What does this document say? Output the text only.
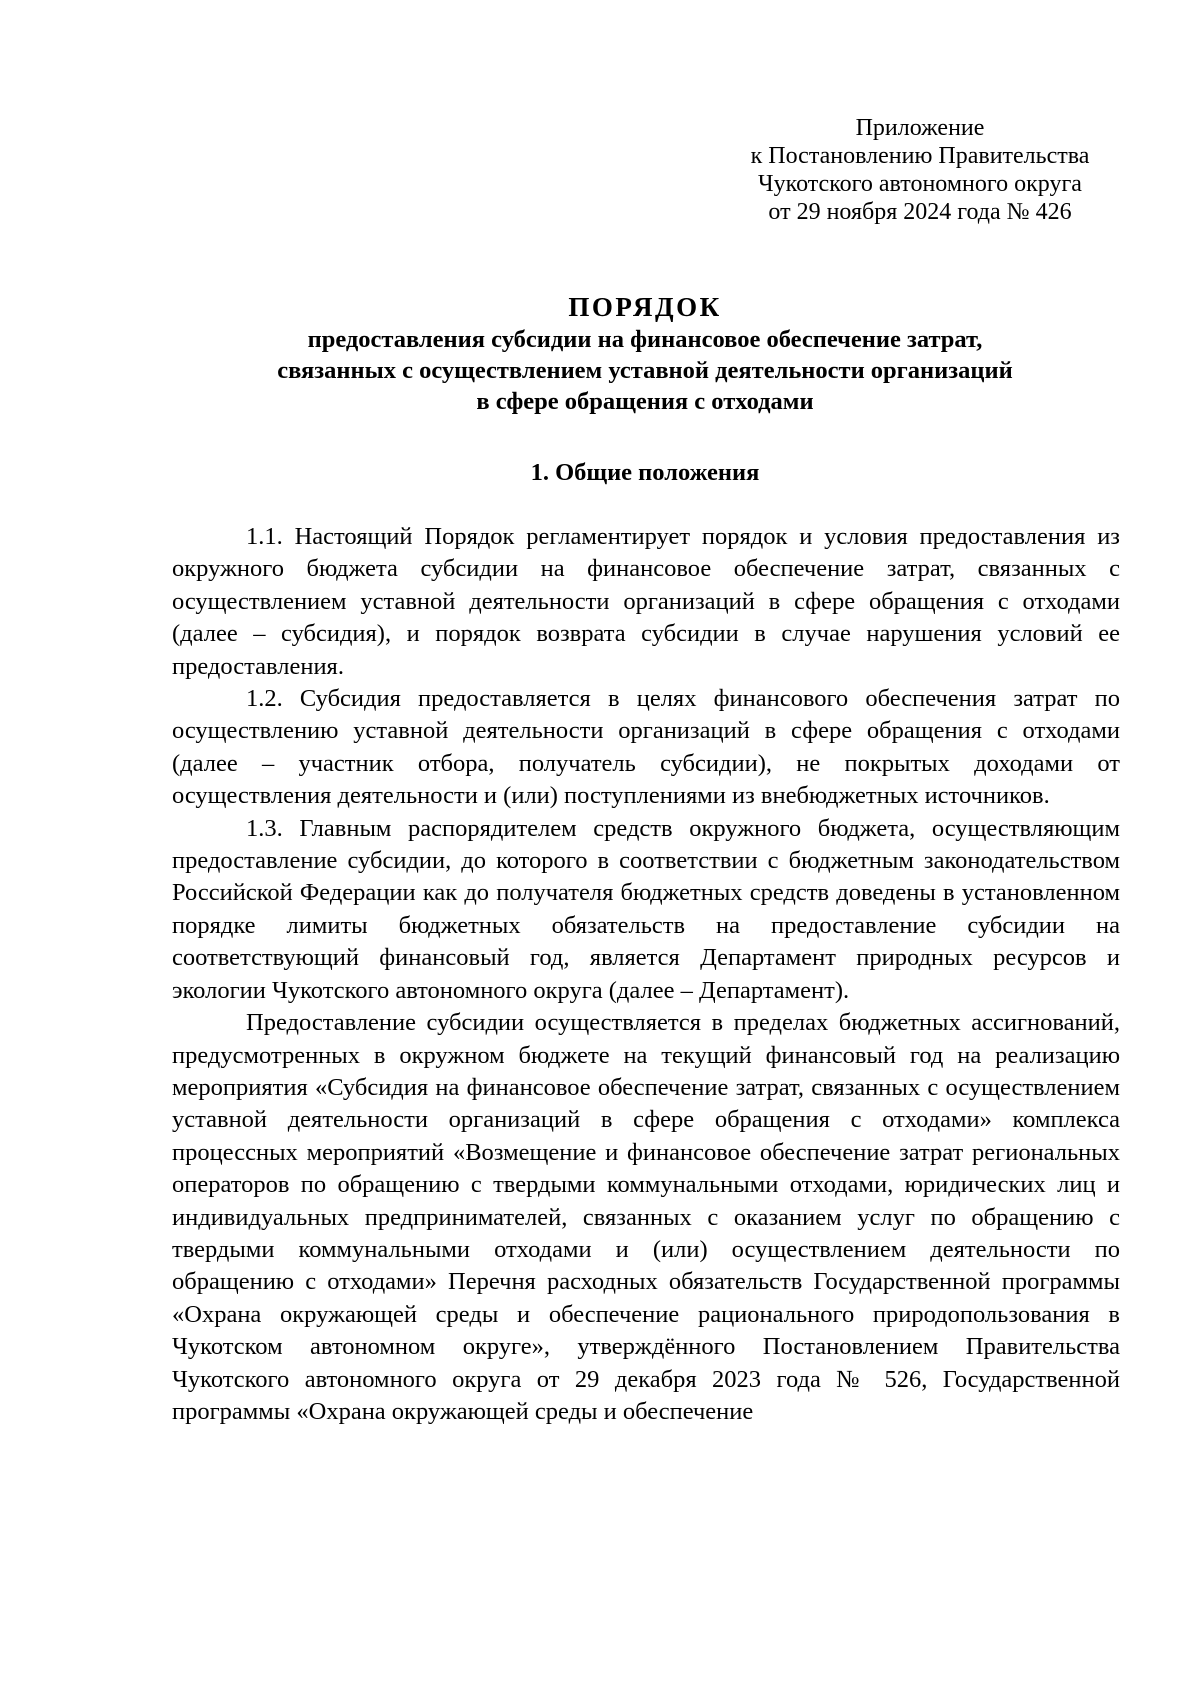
Приложение
к Постановлению Правительства
Чукотского автономного округа
от 29 ноября 2024 года № 426
ПОРЯДОК
предоставления субсидии на финансовое обеспечение затрат,
связанных с осуществлением уставной деятельности организаций
в сфере обращения с отходами
1. Общие положения

1.1. Настоящий Порядок регламентирует порядок и условия предоставления из окружного бюджета субсидии на финансовое обеспечение затрат, связанных с осуществлением уставной деятельности организаций в сфере обращения с отходами (далее – субсидия), и порядок возврата субсидии в случае нарушения условий ее предоставления.

1.2. Субсидия предоставляется в целях финансового обеспечения затрат по осуществлению уставной деятельности организаций в сфере обращения с отходами (далее – участник отбора, получатель субсидии), не покрытых доходами от осуществления деятельности и (или) поступлениями из внебюджетных источников.

1.3. Главным распорядителем средств окружного бюджета, осуществляющим предоставление субсидии, до которого в соответствии с бюджетным законодательством Российской Федерации как до получателя бюджетных средств доведены в установленном порядке лимиты бюджетных обязательств на предоставление субсидии на соответствующий финансовый год, является Департамент природных ресурсов и экологии Чукотского автономного округа (далее – Департамент).

Предоставление субсидии осуществляется в пределах бюджетных ассигнований, предусмотренных в окружном бюджете на текущий финансовый год на реализацию мероприятия «Субсидия на финансовое обеспечение затрат, связанных с осуществлением уставной деятельности организаций в сфере обращения с отходами» комплекса процессных мероприятий «Возмещение и финансовое обеспечение затрат региональных операторов по обращению с твердыми коммунальными отходами, юридических лиц и индивидуальных предпринимателей, связанных с оказанием услуг по обращению с твердыми коммунальными отходами и (или) осуществлением деятельности по обращению с отходами» Перечня расходных обязательств Государственной программы «Охрана окружающей среды и обеспечение рационального природопользования в Чукотском автономном округе», утверждённого Постановлением Правительства Чукотского автономного округа от 29 декабря 2023 года № 526, Государственной программы «Охрана окружающей среды и обеспечение
